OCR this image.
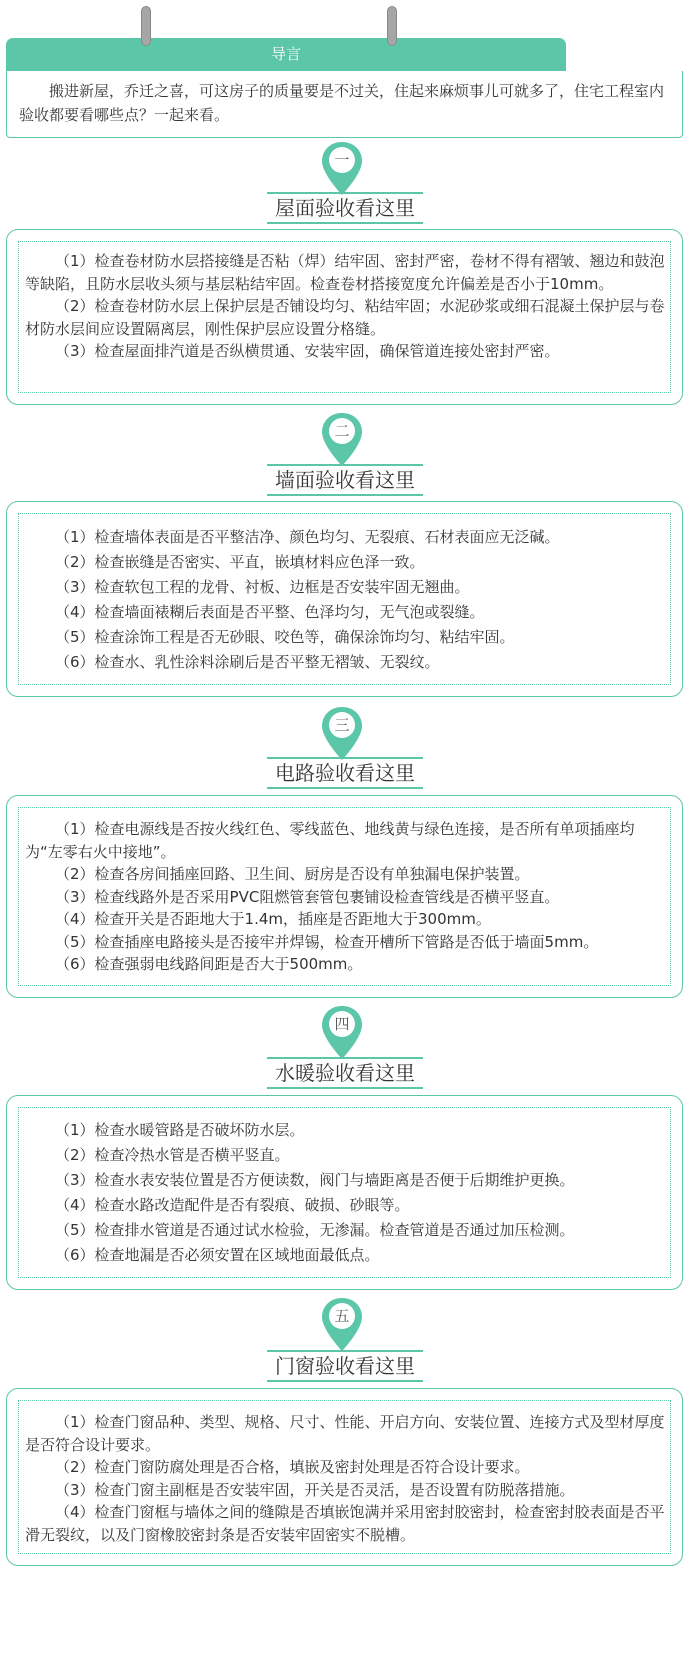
导言
搬进新屋，乔迁之喜，可这房子的质量要是不过关，住起来麻烦事儿可就多了，住宅工程室内验收都要看哪些点？一起来看。
一
屋面验收看这里

（1）检查卷材防水层搭接缝是否粘（焊）结牢固、密封严密，卷材不得有褶皱、翘边和鼓泡等缺陷，且防水层收头须与基层粘结牢固。检查卷材搭接宽度允许偏差是否小于10mm。

（2）检查卷材防水层上保护层是否铺设均匀、粘结牢固；水泥砂浆或细石混凝土保护层与卷材防水层间应设置隔离层，刚性保护层应设置分格缝。

（3）检查屋面排汽道是否纵横贯通、安装牢固，确保管道连接处密封严密。

二
墙面验收看这里

（1）检查墙体表面是否平整洁净、颜色均匀、无裂痕、石材表面应无泛碱。

（2）检查嵌缝是否密实、平直，嵌填材料应色泽一致。

（3）检查软包工程的龙骨、衬板、边框是否安装牢固无翘曲。

（4）检查墙面裱糊后表面是否平整、色泽均匀，无气泡或裂缝。

（5）检查涂饰工程是否无砂眼、咬色等，确保涂饰均匀、粘结牢固。

（6）检查水、乳性涂料涂刷后是否平整无褶皱、无裂纹。

三
电路验收看这里

（1）检查电源线是否按火线红色、零线蓝色、地线黄与绿色连接，是否所有单项插座均为“左零右火中接地”。

（2）检查各房间插座回路、卫生间、厨房是否设有单独漏电保护装置。

（3）检查线路外是否采用PVC阻燃管套管包裹铺设检查管线是否横平竖直。

（4）检查开关是否距地大于1.4m，插座是否距地大于300mm。

（5）检查插座电路接头是否接牢并焊锡，检查开槽所下管路是否低于墙面5mm。

（6）检查强弱电线路间距是否大于500mm。

四
水暖验收看这里

（1）检查水暖管路是否破坏防水层。

（2）检查冷热水管是否横平竖直。

（3）检查水表安装位置是否方便读数，阀门与墙距离是否便于后期维护更换。

（4）检查水路改造配件是否有裂痕、破损、砂眼等。

（5）检查排水管道是否通过试水检验，无渗漏。检查管道是否通过加压检测。

（6）检查地漏是否必须安置在区域地面最低点。

五
门窗验收看这里

（1）检查门窗品种、类型、规格、尺寸、性能、开启方向、安装位置、连接方式及型材厚度是否符合设计要求。

（2）检查门窗防腐处理是否合格，填嵌及密封处理是否符合设计要求。

（3）检查门窗主副框是否安装牢固，开关是否灵活，是否设置有防脱落措施。

（4）检查门窗框与墙体之间的缝隙是否填嵌饱满并采用密封胶密封，检查密封胶表面是否平滑无裂纹，以及门窗橡胶密封条是否安装牢固密实不脱槽。
